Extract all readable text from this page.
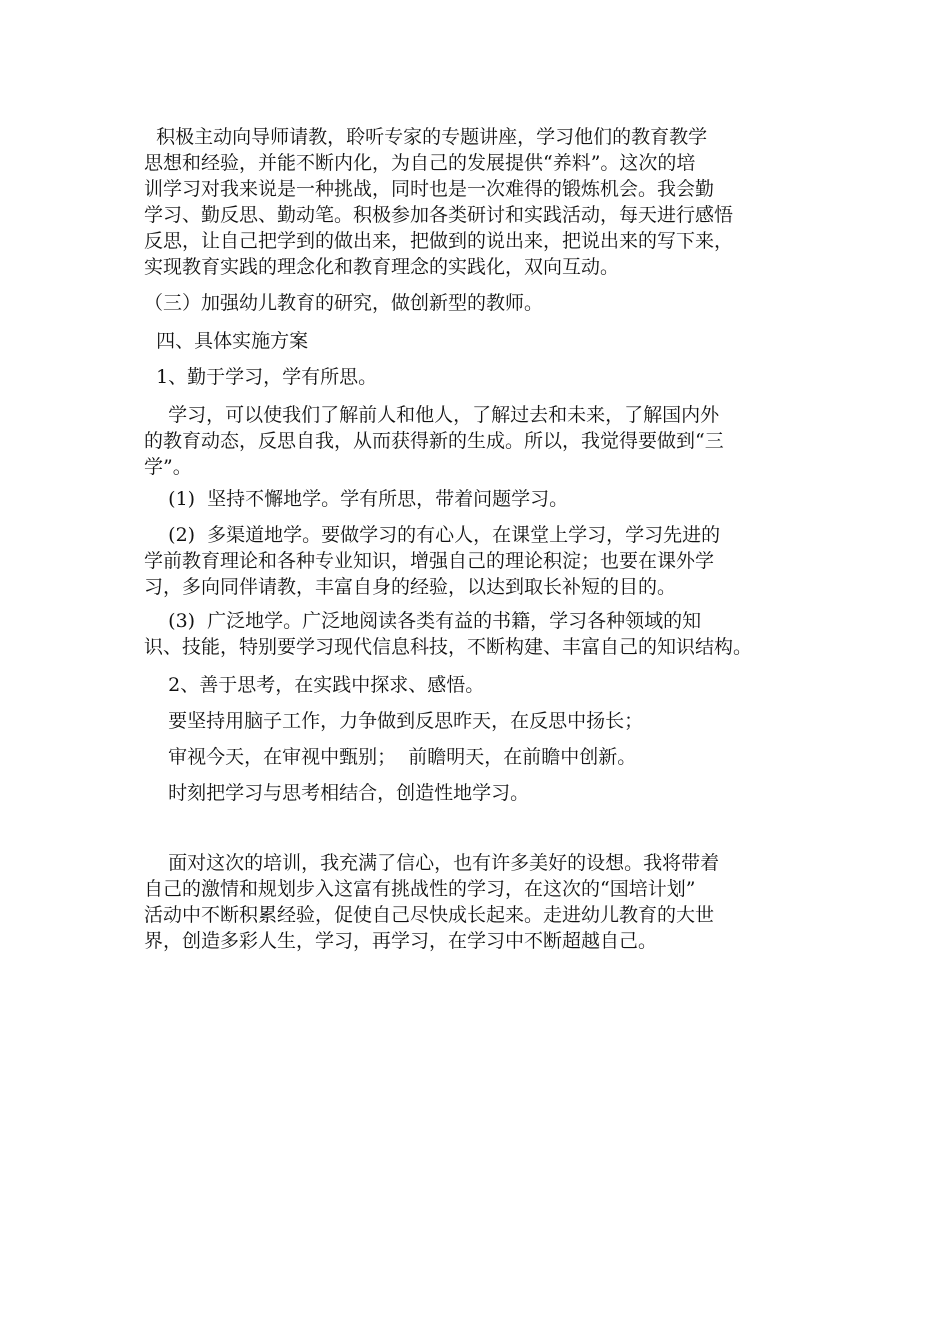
积极主动向导师请教，聆听专家的专题讲座，学习他们的教育教学
思想和经验，并能不断内化，为自己的发展提供“养料”。这次的培
训学习对我来说是一种挑战，同时也是一次难得的锻炼机会。我会勤
学习、勤反思、勤动笔。积极参加各类研讨和实践活动，每天进行感悟
反思，让自己把学到的做出来，把做到的说出来，把说出来的写下来，
实现教育实践的理念化和教育理念的实践化，双向互动。

（三）加强幼儿教育的研究，做创新型的教师。

四、具体实施方案

1、勤于学习，学有所思。

学习，可以使我们了解前人和他人，了解过去和未来，了解国内外
的教育动态，反思自我，从而获得新的生成。所以，我觉得要做到“三
学”。

(1)  坚持不懈地学。学有所思，带着问题学习。

(2)  多渠道地学。要做学习的有心人，在课堂上学习，学习先进的
学前教育理论和各种专业知识，增强自己的理论积淀；也要在课外学
习，多向同伴请教，丰富自身的经验，以达到取长补短的目的。

(3)  广泛地学。广泛地阅读各类有益的书籍，学习各种领域的知
识、技能，特别要学习现代信息科技，不断构建、丰富自己的知识结构。

2、善于思考，在实践中探求、感悟。

要坚持用脑子工作，力争做到反思昨天，在反思中扬长；

审视今天，在审视中甄别；  前瞻明天，在前瞻中创新。

时刻把学习与思考相结合，创造性地学习。

面对这次的培训，我充满了信心，也有许多美好的设想。我将带着
自己的激情和规划步入这富有挑战性的学习，在这次的“国培计划”
活动中不断积累经验，促使自己尽快成长起来。走进幼儿教育的大世
界，创造多彩人生，学习，再学习，在学习中不断超越自己。
